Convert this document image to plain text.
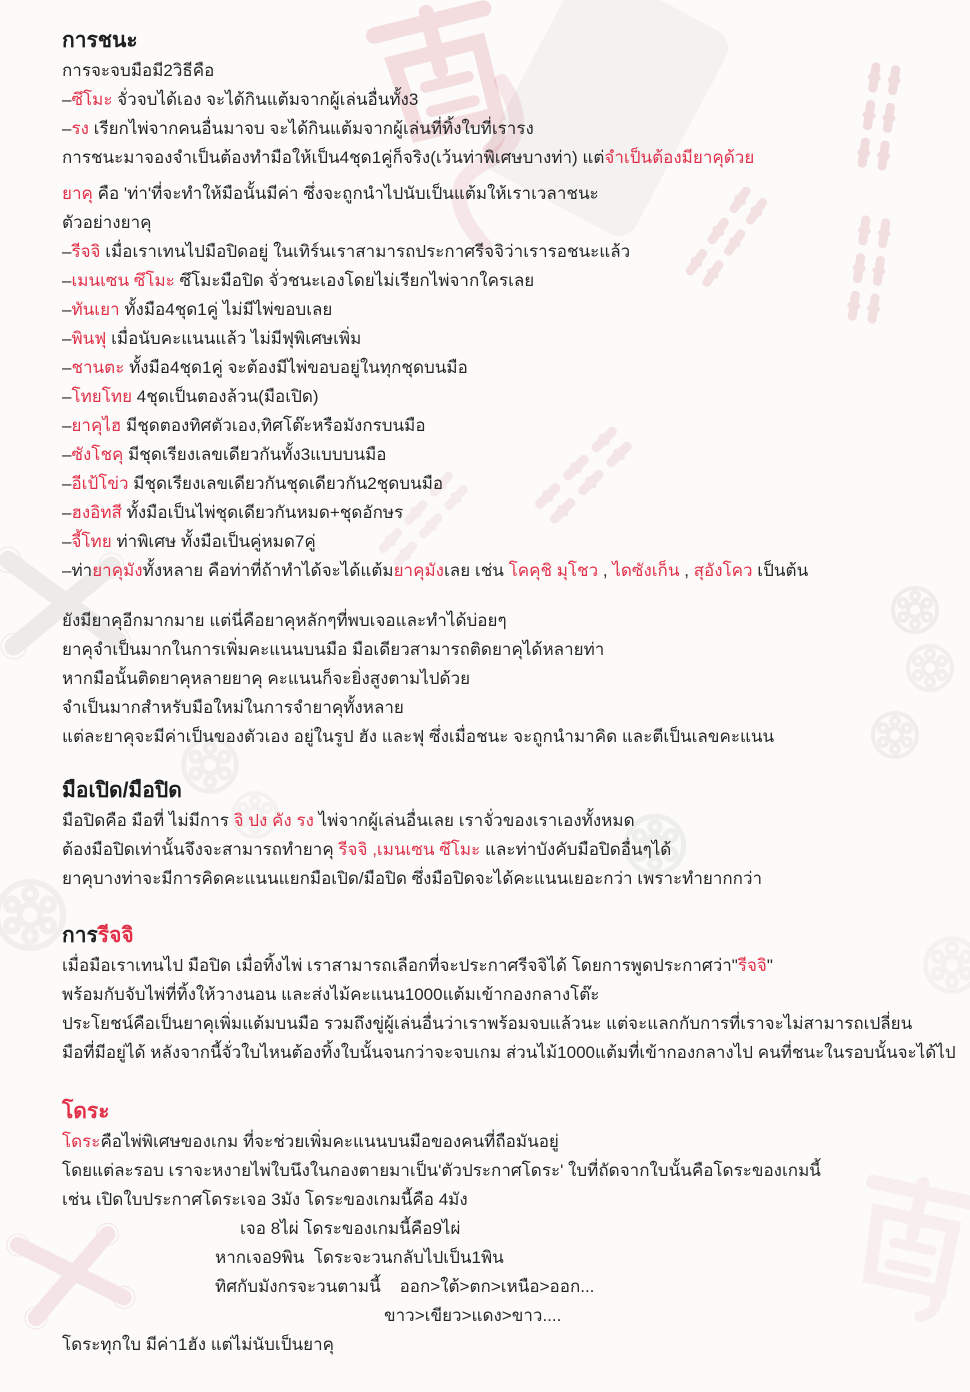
การชนะ

การจะจบมือมี2วิธีคือ

–ซึโมะ จั่วจบได้เอง จะได้กินแต้มจากผู้เล่นอื่นทั้ง3

–รง เรียกไพ่จากคนอื่นมาจบ จะได้กินแต้มจากผู้เล่นที่ทิ้งใบที่เรารง

การชนะมาจองจำเป็นต้องทำมือให้เป็น4ชุด1คู่ก็จริง(เว้นท่าพิเศษบางท่า) แต่จำเป็นต้องมียาคุด้วย

ยาคุ คือ 'ท่า'ที่จะทำให้มือนั้นมีค่า ซึ่งจะถูกนำไปนับเป็นแต้มให้เราเวลาชนะ

ตัวอย่างยาคุ

–รีจจิ เมื่อเราเทนไปมือปิดอยู่ ในเทิร์นเราสามารถประกาศรีจจิว่าเรารอชนะแล้ว

–เมนเซน ซึโมะ ซึโมะมือปิด จั่วชนะเองโดยไม่เรียกไพ่จากใครเลย

–ทันเยา ทั้งมือ4ชุด1คู่ ไม่มีไพ่ขอบเลย

–พินฟุ เมื่อนับคะแนนแล้ว ไม่มีฟุพิเศษเพิ่ม

–ชานตะ ทั้งมือ4ชุด1คู่ จะต้องมีไพ่ขอบอยู่ในทุกชุดบนมือ

–โทยโทย 4ชุดเป็นตองล้วน(มือเปิด)

–ยาคุไฮ มีชุดตองทิศตัวเอง,ทิศโต๊ะหรือมังกรบนมือ

–ซังโชคุ มีชุดเรียงเลขเดียวกันทั้ง3แบบบนมือ

–อีเป้โข่ว มีชุดเรียงเลขเดียวกันชุดเดียวกัน2ชุดบนมือ

–ฮงอิทสี ทั้งมือเป็นไพ่ชุดเดียวกันหมด+ชุดอักษร

–จี้โทย ท่าพิเศษ ทั้งมือเป็นคู่หมด7คู่

–ท่ายาคุมังทั้งหลาย คือท่าที่ถ้าทำได้จะได้แต้มยาคุมังเลย เช่น โคคุชิ มุโชว , ไดซังเก็น , สุอังโคว เป็นต้น

ยังมียาคุอีกมากมาย แต่นี่คือยาคุหลักๆที่พบเจอและทำได้บ่อยๆ

ยาคุจำเป็นมากในการเพิ่มคะแนนบนมือ มือเดียวสามารถติดยาคุได้หลายท่า

หากมือนั้นติดยาคุหลายยาคุ คะแนนก็จะยิ่งสูงตามไปด้วย

จำเป็นมากสำหรับมือใหม่ในการจำยาคุทั้งหลาย

แต่ละยาคุจะมีค่าเป็นของตัวเอง อยู่ในรูป ฮัง และฟุ ซึ่งเมื่อชนะ จะถูกนำมาคิด และตีเป็นเลขคะแนน

มือเปิด/มือปิด

มือปิดคือ มือที่ ไม่มีการ จิ ปง คัง รง ไพ่จากผู้เล่นอื่นเลย เราจั่วของเราเองทั้งหมด

ต้องมือปิดเท่านั้นจึงจะสามารถทำยาคุ รีจจิ ,เมนเซน ซึโมะ และท่าบังคับมือปิดอื่นๆได้

ยาคุบางท่าจะมีการคิดคะแนนแยกมือเปิด/มือปิด ซึ่งมือปิดจะได้คะแนนเยอะกว่า เพราะทำยากกว่า

การรีจจิ

เมื่อมือเราเทนไป มือปิด เมื่อทิ้งไพ่ เราสามารถเลือกที่จะประกาศรีจจิได้ โดยการพูดประกาศว่า"รีจจิ"

พร้อมกับจับไพ่ที่ทิ้งให้วางนอน และส่งไม้คะแนน1000แต้มเข้ากองกลางโต๊ะ

ประโยชน์คือเป็นยาคุเพิ่มแต้มบนมือ รวมถึงขู่ผู้เล่นอื่นว่าเราพร้อมจบแล้วนะ แต่จะแลกกับการที่เราจะไม่สามารถเปลี่ยน

มือที่มีอยู่ได้ หลังจากนี้จั่วใบไหนต้องทิ้งใบนั้นจนกว่าจะจบเกม ส่วนไม้1000แต้มที่เข้ากองกลางไป คนที่ชนะในรอบนั้นจะได้ไป

โดระ

โดระคือไพ่พิเศษของเกม ที่จะช่วยเพิ่มคะแนนบนมือของคนที่ถือมันอยู่

โดยแต่ละรอบ เราจะหงายไพ่ใบนึงในกองตายมาเป็น'ตัวประกาศโดระ' ใบที่ถัดจากใบนั้นคือโดระของเกมนี้

เช่น เปิดใบประกาศโดระเจอ 3มัง โดระของเกมนี้คือ 4มัง

เจอ 8ไผ่ โดระของเกมนี้คือ9ไผ่

หากเจอ9พิน  โดระจะวนกลับไปเป็น1พิน

ทิศกับมังกรจะวนตามนี้    ออก>ใต้>ตก>เหนือ>ออก...

ขาว>เขียว>แดง>ขาว....

โดระทุกใบ มีค่า1ฮัง แต่ไม่นับเป็นยาคุ
